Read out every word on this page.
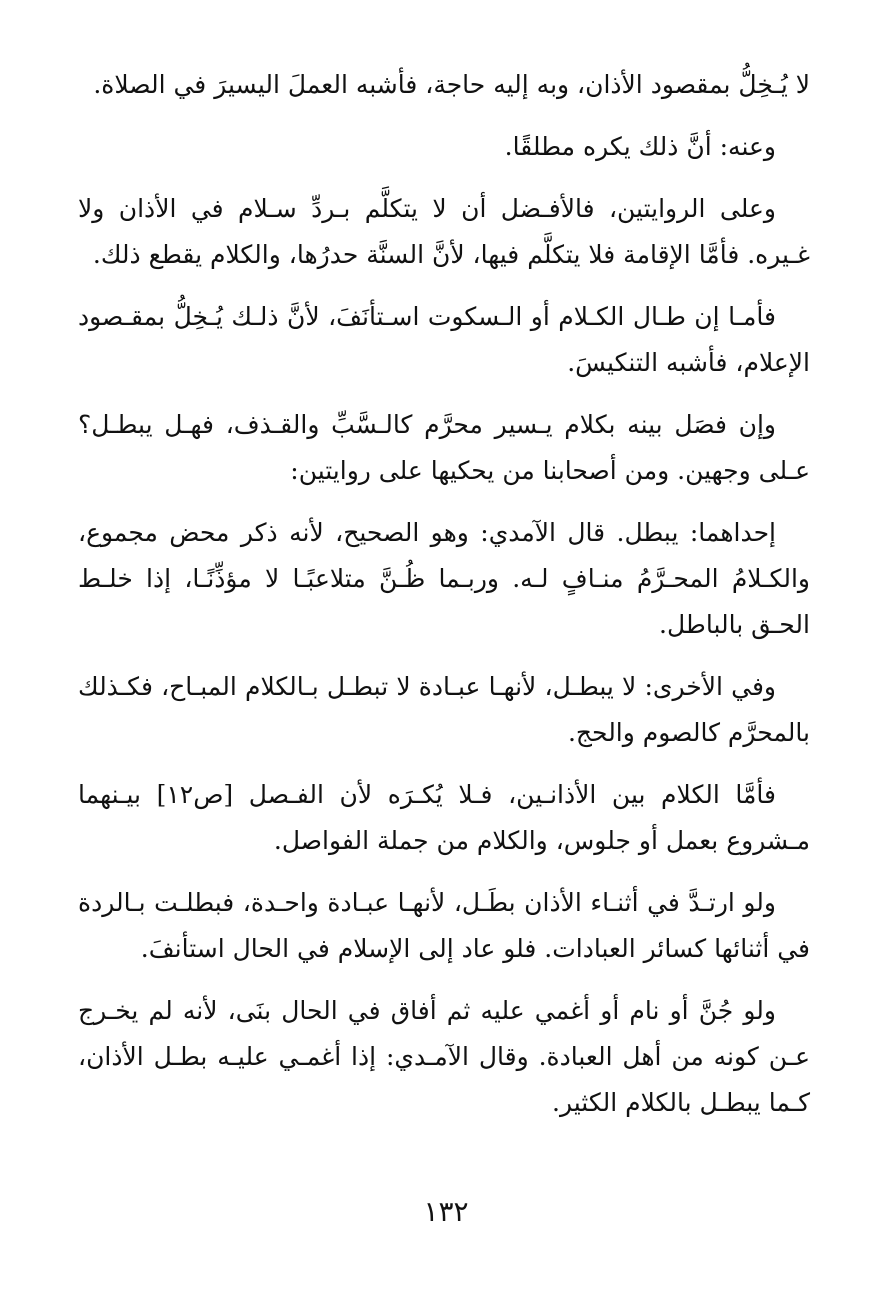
لا يُـخِلُّ بمقصود الأذان، وبه إليه حاجة، فأشبه العملَ اليسيرَ في الصلاة.

وعنه: أنَّ ذلك يكره مطلقًا.

وعلى الروايتين، فالأفـضل أن لا يتكلَّم بـردِّ سـلام في الأذان ولا غـيره. فأمَّا الإقامة فلا يتكلَّم فيها، لأنَّ السنَّة حدرُها، والكلام يقطع ذلك.

فأمـا إن طـال الكـلام أو الـسكوت اسـتأنَفَ، لأنَّ ذلـك يُـخِلُّ بمقـصود الإعلام، فأشبه التنكيسَ.

وإن فصَل بينه بكلام يـسير محرَّم كالـسَّبِّ والقـذف، فهـل يبطـل؟ عـلى وجهين. ومن أصحابنا من يحكيها على روايتين:

إحداهما: يبطل. قال الآمدي: وهو الصحيح، لأنه ذكر محض مجموع، والكـلامُ المحـرَّمُ منـافٍ لـه. وربـما ظُـنَّ متلاعبًـا لا مؤذِّنًـا، إذا خلـط الحـق بالباطل.

وفي الأخرى: لا يبطـل، لأنهـا عبـادة لا تبطـل بـالكلام المبـاح، فكـذلك بالمحرَّم كالصوم والحج.

فأمَّا الكلام بين الأذانـين، فـلا يُكـرَه لأن الفـصل [ص١٢] بيـنهما مـشروع بعمل أو جلوس، والكلام من جملة الفواصل.

ولو ارتـدَّ في أثنـاء الأذان بطَـل، لأنهـا عبـادة واحـدة، فبطلـت بـالردة في أثنائها كسائر العبادات. فلو عاد إلى الإسلام في الحال استأنفَ.

ولو جُنَّ أو نام أو أغمي عليه ثم أفاق في الحال بنَى، لأنه لم يخـرج عـن كونه من أهل العبادة. وقال الآمـدي: إذا أغمـي عليـه بطـل الأذان، كـما يبطـل بالكلام الكثير.

١٣٢
